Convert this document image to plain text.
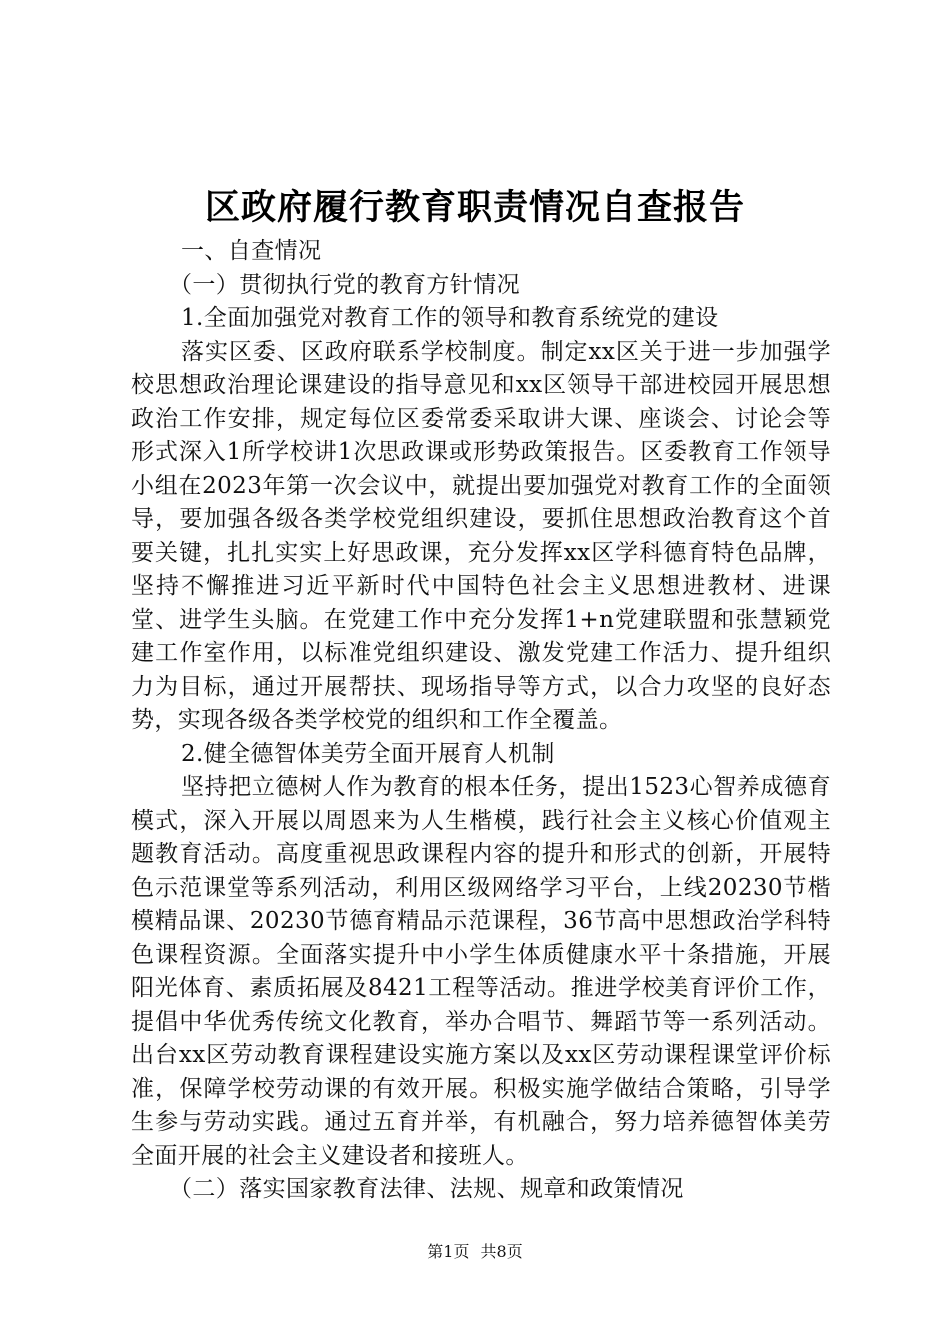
区政府履行教育职责情况自查报告

一、自查情况

（一）贯彻执行党的教育方针情况

1.全面加强党对教育工作的领导和教育系统党的建设

落实区委、区政府联系学校制度。制定xx区关于进一步加强学校思想政治理论课建设的指导意见和xx区领导干部进校园开展思想政治工作安排，规定每位区委常委采取讲大课、座谈会、讨论会等形式深入1所学校讲1次思政课或形势政策报告。区委教育工作领导小组在2023年第一次会议中，就提出要加强党对教育工作的全面领导，要加强各级各类学校党组织建设，要抓住思想政治教育这个首要关键，扎扎实实上好思政课，充分发挥xx区学科德育特色品牌，坚持不懈推进习近平新时代中国特色社会主义思想进教材、进课堂、进学生头脑。在党建工作中充分发挥1+n党建联盟和张慧颖党建工作室作用，以标准党组织建设、激发党建工作活力、提升组织力为目标，通过开展帮扶、现场指导等方式，以合力攻坚的良好态势，实现各级各类学校党的组织和工作全覆盖。

2.健全德智体美劳全面开展育人机制

坚持把立德树人作为教育的根本任务，提出1523心智养成德育模式，深入开展以周恩来为人生楷模，践行社会主义核心价值观主题教育活动。高度重视思政课程内容的提升和形式的创新，开展特色示范课堂等系列活动，利用区级网络学习平台，上线20230节楷模精品课、20230节德育精品示范课程，36节高中思想政治学科特色课程资源。全面落实提升中小学生体质健康水平十条措施，开展阳光体育、素质拓展及8421工程等活动。推进学校美育评价工作，提倡中华优秀传统文化教育，举办合唱节、舞蹈节等一系列活动。出台xx区劳动教育课程建设实施方案以及xx区劳动课程课堂评价标准，保障学校劳动课的有效开展。积极实施学做结合策略，引导学生参与劳动实践。通过五育并举，有机融合，努力培养德智体美劳全面开展的社会主义建设者和接班人。

（二）落实国家教育法律、法规、规章和政策情况

第1页 共8页
